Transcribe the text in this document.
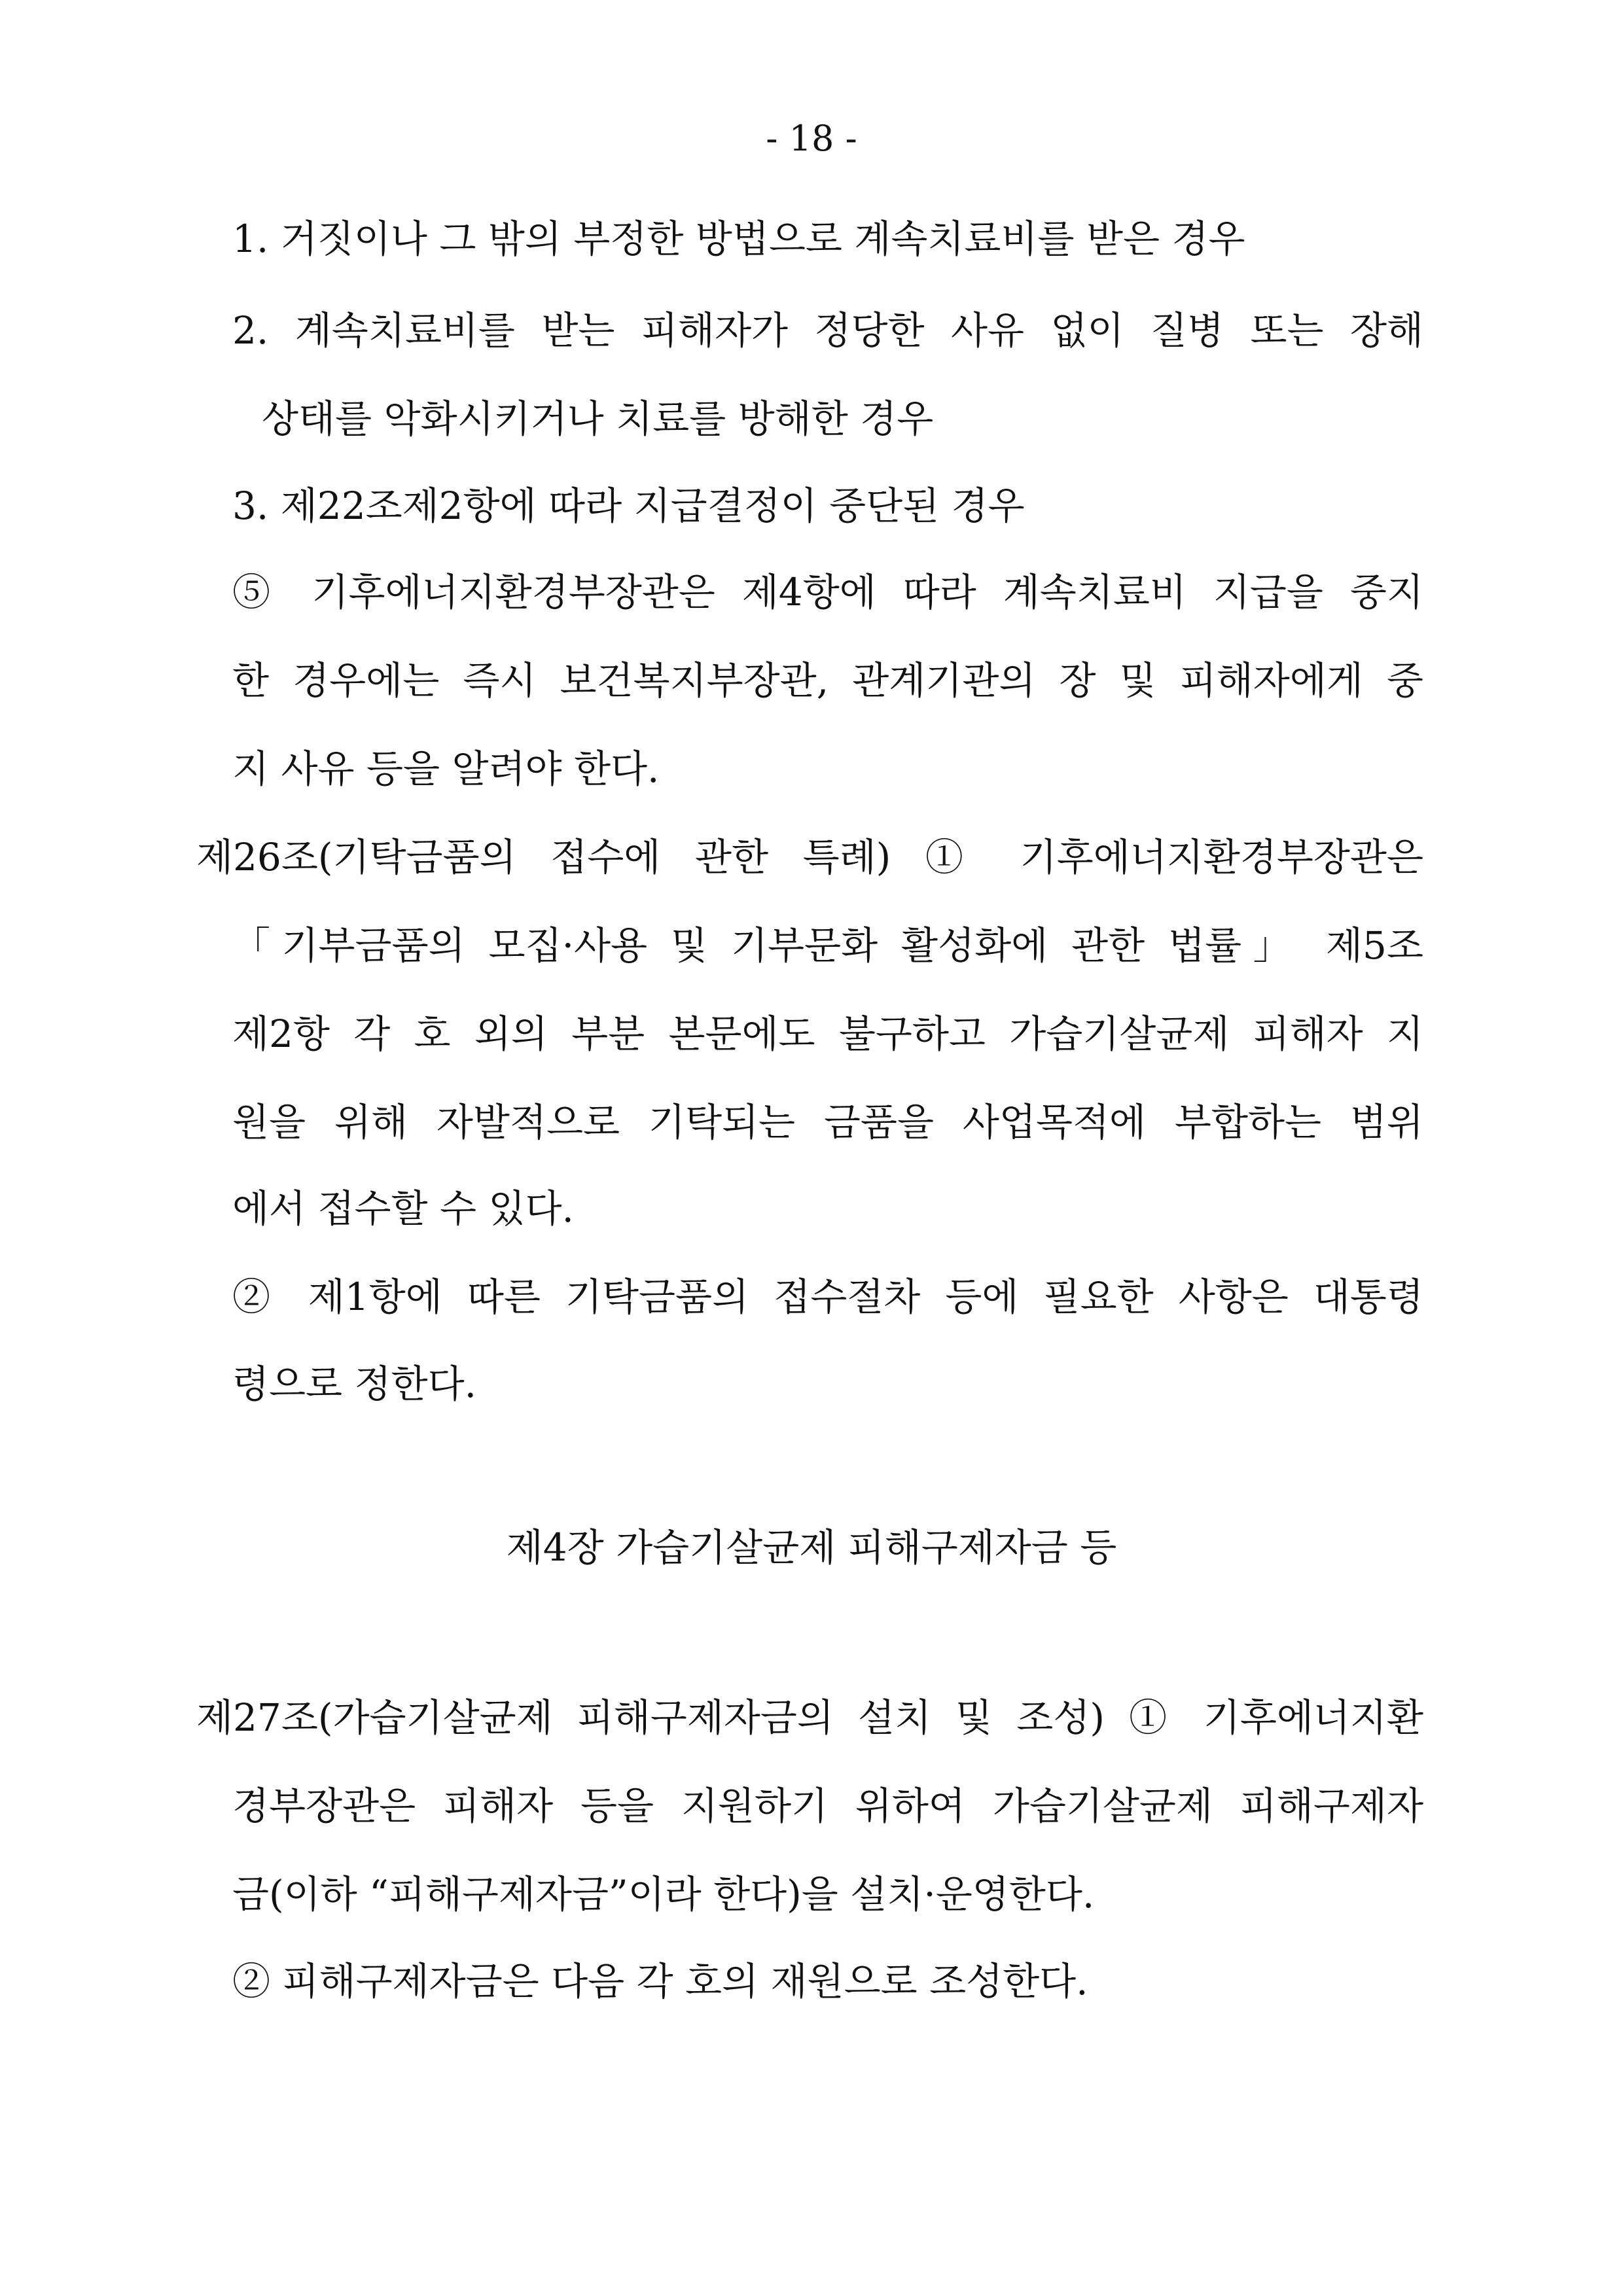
- 18 -
1. 거짓이나 그 밖의 부정한 방법으로 계속치료비를 받은 경우
2. 계속치료비를 받는 피해자가 정당한 사유 없이 질병 또는 장해
상태를 악화시키거나 치료를 방해한 경우
3. 제22조제2항에 따라 지급결정이 중단된 경우
⑤ 기후에너지환경부장관은 제4항에 따라 계속치료비 지급을 중지
한 경우에는 즉시 보건복지부장관, 관계기관의 장 및 피해자에게 중
지 사유 등을 알려야 한다.
제26조(기탁금품의 접수에 관한 특례) ① 기후에너지환경부장관은
「기부금품의 모집·사용 및 기부문화 활성화에 관한 법률」 제5조
제2항 각 호 외의 부분 본문에도 불구하고 가습기살균제 피해자 지
원을 위해 자발적으로 기탁되는 금품을 사업목적에 부합하는 범위
에서 접수할 수 있다.
② 제1항에 따른 기탁금품의 접수절차 등에 필요한 사항은 대통령
령으로 정한다.
제4장 가습기살균제 피해구제자금 등
제27조(가습기살균제 피해구제자금의 설치 및 조성) ① 기후에너지환
경부장관은 피해자 등을 지원하기 위하여 가습기살균제 피해구제자
금(이하 “피해구제자금”이라 한다)을 설치·운영한다.
② 피해구제자금은 다음 각 호의 재원으로 조성한다.
